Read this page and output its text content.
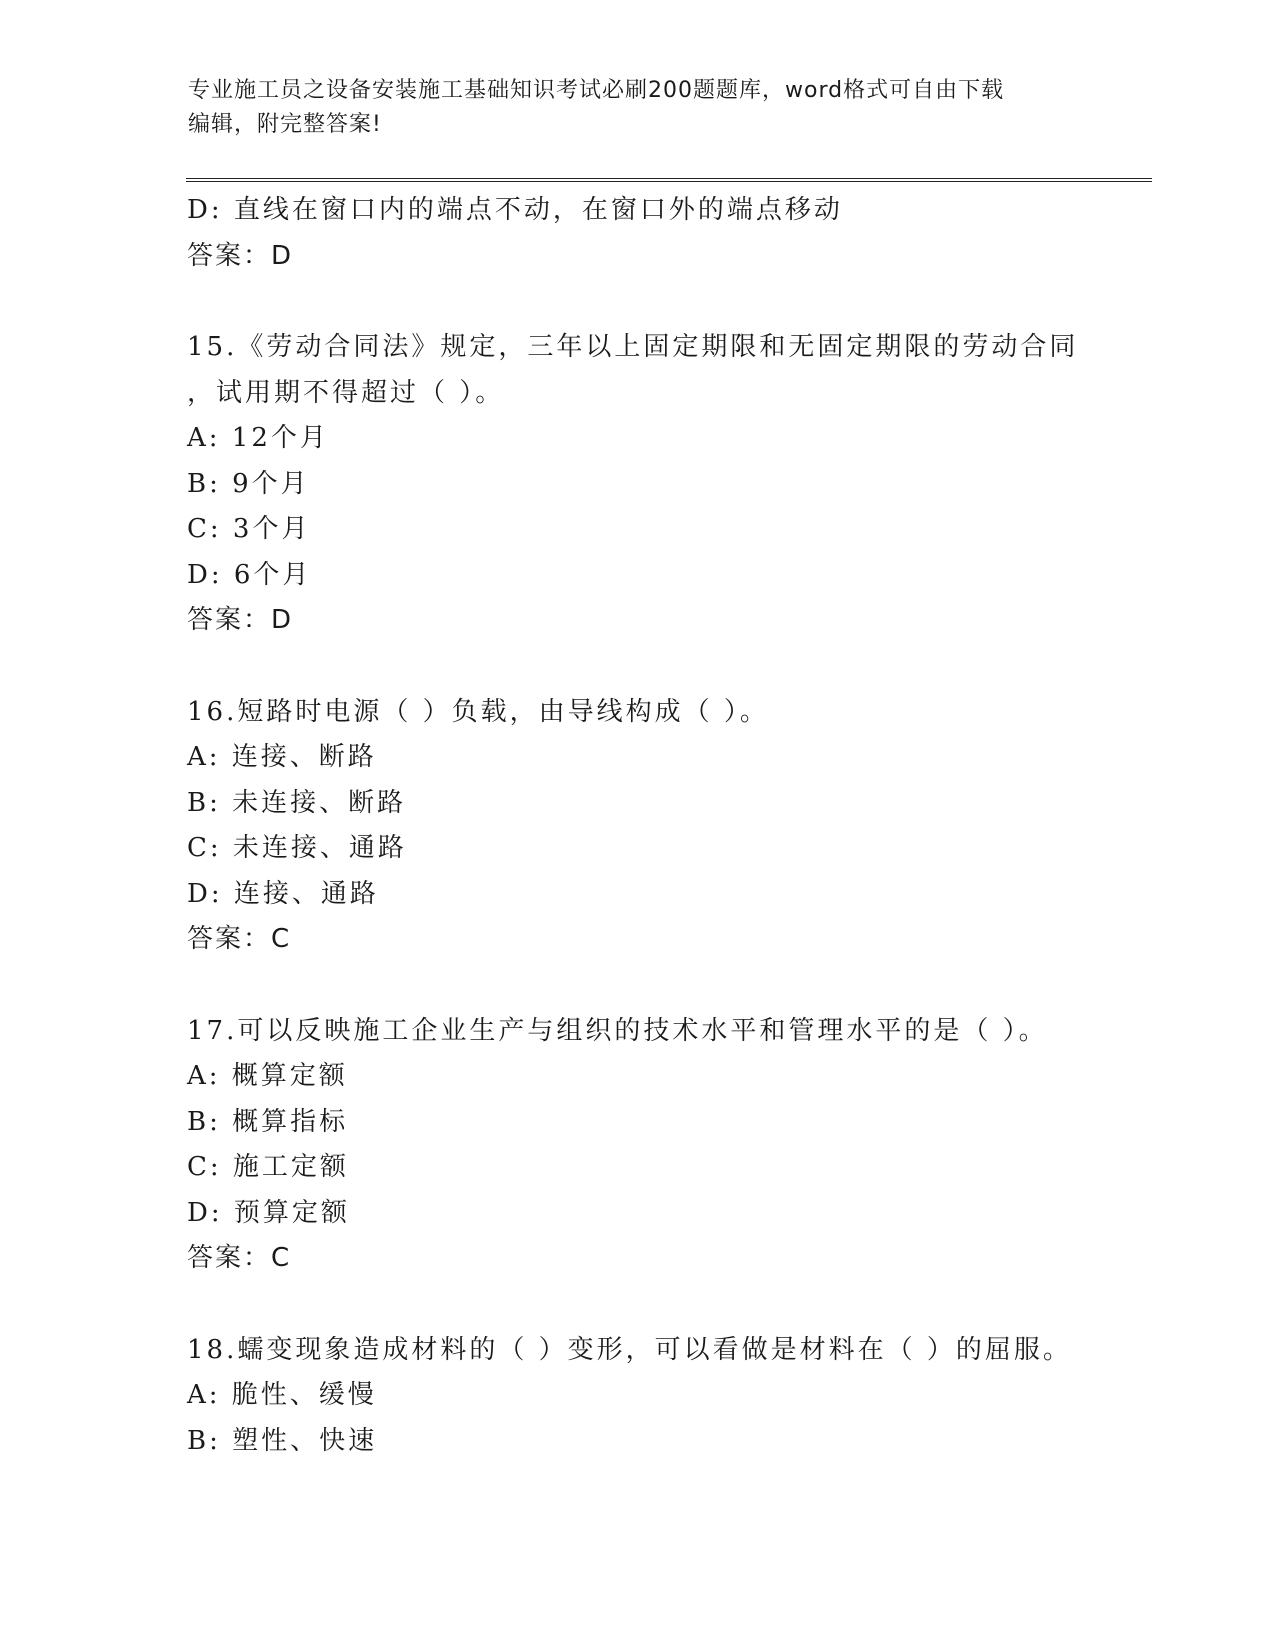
专业施工员之设备安装施工基础知识考试必刷200题题库，word格式可自由下载
编辑，附完整答案!
D: 直线在窗口内的端点不动，在窗口外的端点移动
答案：D
15.《劳动合同法》规定，三年以上固定期限和无固定期限的劳动合同
，试用期不得超过（ ）。
A: 12个月
B: 9个月
C: 3个月
D: 6个月
答案：D
16.短路时电源（ ）负载，由导线构成（ ）。
A: 连接、断路
B: 未连接、断路
C: 未连接、通路
D: 连接、通路
答案：C
17.可以反映施工企业生产与组织的技术水平和管理水平的是（ ）。
A: 概算定额
B: 概算指标
C: 施工定额
D: 预算定额
答案：C
18.蠕变现象造成材料的（ ）变形，可以看做是材料在（ ）的屈服。
A: 脆性、缓慢
B: 塑性、快速
